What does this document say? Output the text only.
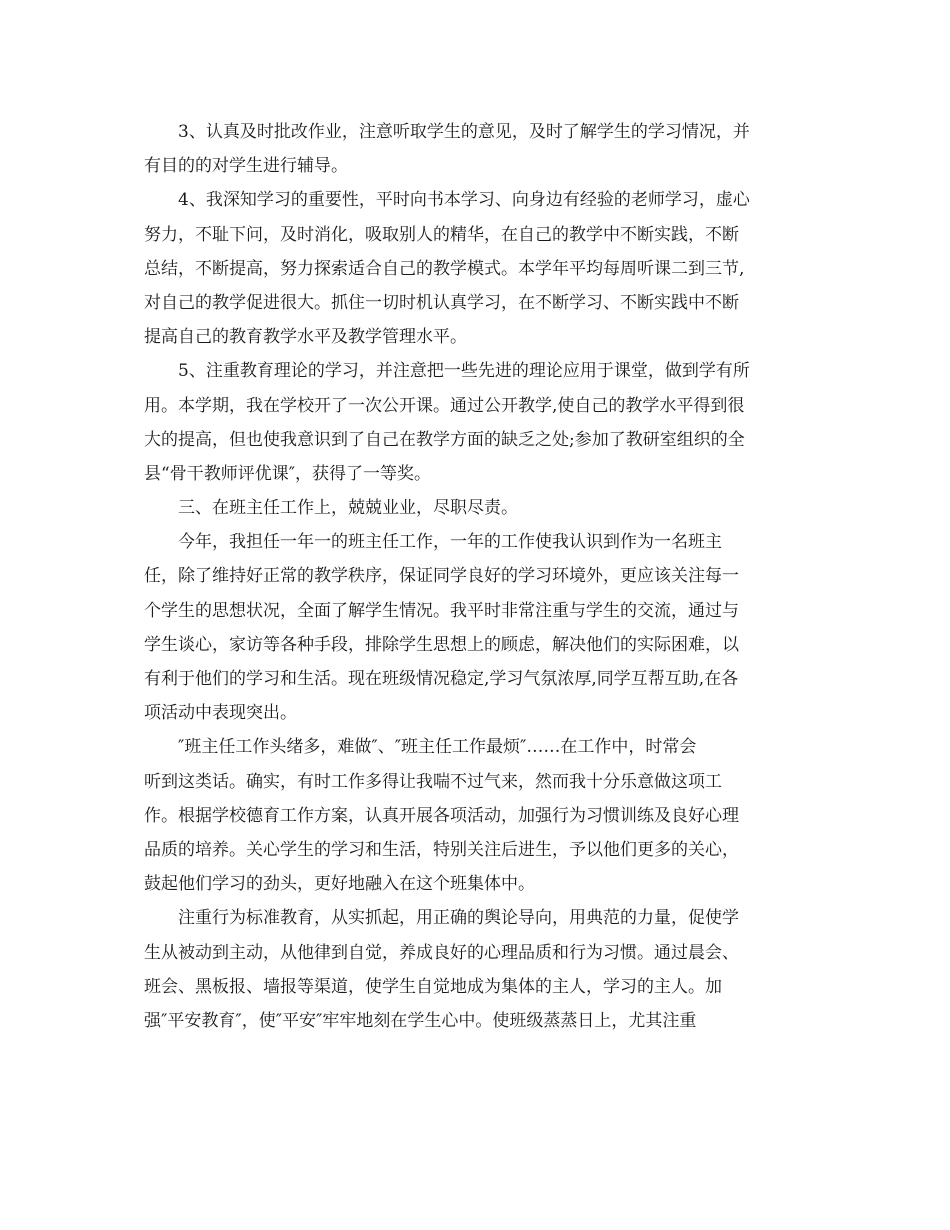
3、认真及时批改作业，注意听取学生的意见，及时了解学生的学习情况，并
有目的的对学生进行辅导。
4、我深知学习的重要性，平时向书本学习、向身边有经验的老师学习，虚心
努力，不耻下问，及时消化，吸取别人的精华，在自己的教学中不断实践，不断
总结，不断提高，努力探索适合自己的教学模式。本学年平均每周听课二到三节,
对自己的教学促进很大。抓住一切时机认真学习，在不断学习、不断实践中不断
提高自己的教育教学水平及教学管理水平。
5、注重教育理论的学习，并注意把一些先进的理论应用于课堂，做到学有所
用。本学期，我在学校开了一次公开课。通过公开教学,使自己的教学水平得到很
大的提高，但也使我意识到了自己在教学方面的缺乏之处;参加了教研室组织的全
县“骨干教师评优课″，获得了一等奖。
三、在班主任工作上，兢兢业业，尽职尽责。
今年，我担任一年一的班主任工作，一年的工作使我认识到作为一名班主
任，除了维持好正常的教学秩序，保证同学良好的学习环境外，更应该关注每一
个学生的思想状况，全面了解学生情况。我平时非常注重与学生的交流，通过与
学生谈心，家访等各种手段，排除学生思想上的顾虑，解决他们的实际困难，以
有利于他们的学习和生活。现在班级情况稳定,学习气氛浓厚,同学互帮互助,在各
项活动中表现突出。
″班主任工作头绪多，难做″、″班主任工作最烦″……在工作中，时常会
听到这类话。确实，有时工作多得让我喘不过气来，然而我十分乐意做这项工
作。根据学校德育工作方案，认真开展各项活动，加强行为习惯训练及良好心理
品质的培养。关心学生的学习和生活，特别关注后进生，予以他们更多的关心，
鼓起他们学习的劲头，更好地融入在这个班集体中。
注重行为标准教育，从实抓起，用正确的舆论导向，用典范的力量，促使学
生从被动到主动，从他律到自觉，养成良好的心理品质和行为习惯。通过晨会、
班会、黑板报、墙报等渠道，使学生自觉地成为集体的主人，学习的主人。加
强″平安教育″，使″平安″牢牢地刻在学生心中。使班级蒸蒸日上，尤其注重
